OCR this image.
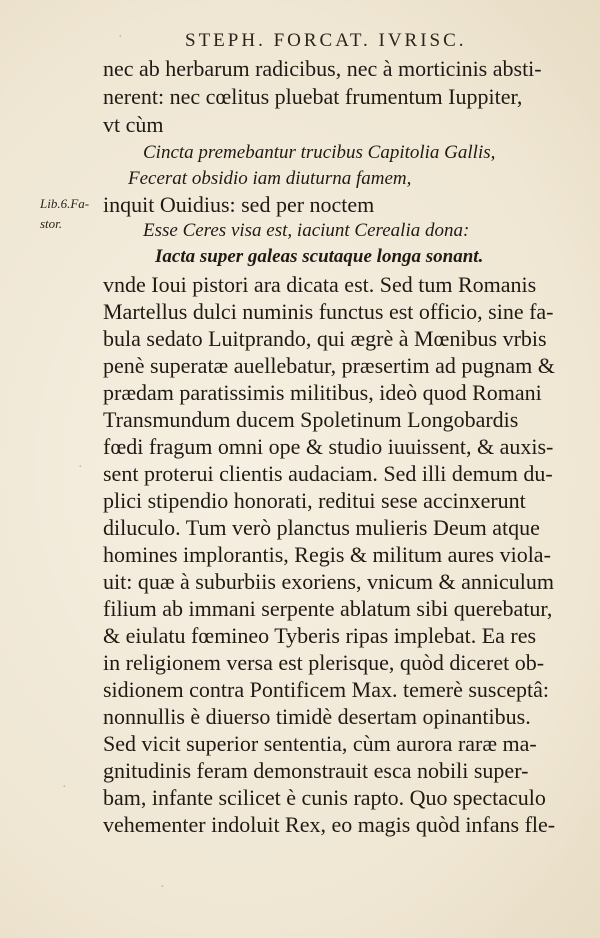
STEPH. FORCAT. IVRISC.
Lib.6.Fa-
stor.
nec ab herbarum radicibus, nec à morticinis absti-
nerent: nec cœlitus pluebat frumentum Iuppiter,
vt cùm
Cincta premebantur trucibus Capitolia Gallis,
Fecerat obsidio iam diuturna famem,
inquit Ouidius: sed per noctem
Esse Ceres visa est, iaciunt Cerealia dona:
Iacta super galeas scutaque longa sonant.
vnde Ioui pistori ara dicata est. Sed tum Romanis
Martellus dulci numinis functus est officio, sine fa-
bula sedato Luitprando, qui ægrè à Mœnibus vrbis
penè superatæ auellebatur, præsertim ad pugnam &
prædam paratissimis militibus, ideò quod Romani
Transmundum ducem Spoletinum Longobardis
fœdi fragum omni ope & studio iuuissent, & auxis-
sent proterui clientis audaciam. Sed illi demum du-
plici stipendio honorati, reditui sese accinxerunt
diluculo. Tum verò planctus mulieris Deum atque
homines implorantis, Regis & militum aures viola-
uit: quæ à suburbiis exoriens, vnicum & anniculum
filium ab immani serpente ablatum sibi querebatur,
& eiulatu fœmineo Tyberis ripas implebat. Ea res
in religionem versa est plerisque, quòd diceret ob-
sidionem contra Pontificem Max. temerè susceptâ:
nonnullis è diuerso timidè desertam opinantibus.
Sed vicit superior sententia, cùm aurora raræ ma-
gnitudinis feram demonstrauit esca nobili super-
bam, infante scilicet è cunis rapto. Quo spectaculo
vehementer indoluit Rex, eo magis quòd infans fle-
·
·
·
·
